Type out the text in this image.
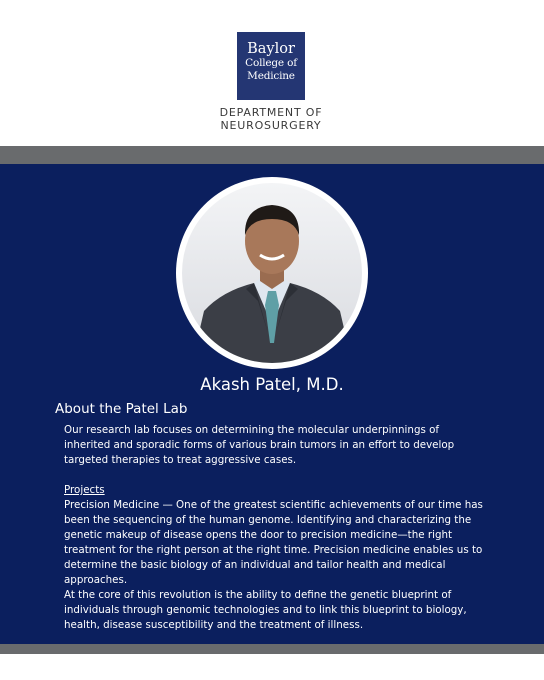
Baylor
College of
Medicine
DEPARTMENT OF
NEUROSURGERY
Akash Patel, M.D.
About the Patel Lab

Our research lab focuses on determining the molecular underpinnings of inherited and sporadic forms of various brain tumors in an effort to develop targeted therapies to treat aggressive cases.

Projects

Precision Medicine — One of the greatest scientific achievements of our time has been the sequencing of the human genome. Identifying and characterizing the genetic makeup of disease opens the door to precision medicine—the right treatment for the right person at the right time. Precision medicine enables us to determine the basic biology of an individual and tailor health and medical approaches.

At the core of this revolution is the ability to define the genetic blueprint of individuals through genomic technologies and to link this blueprint to biology, health, disease susceptibility and the treatment of illness.
